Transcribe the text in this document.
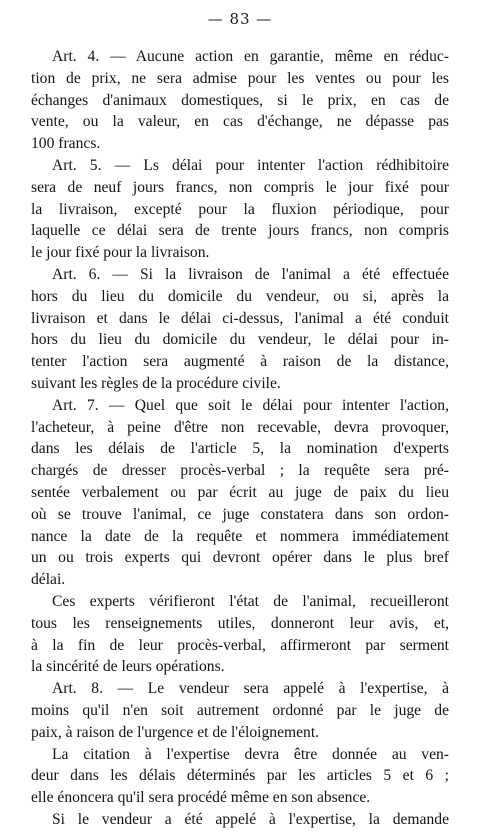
— 83 —

Art. 4. — Aucune action en garantie, même en réduc-
tion de prix, ne sera admise pour les ventes ou pour les
échanges d'animaux domestiques, si le prix, en cas de
vente, ou la valeur, en cas d'échange, ne dépasse pas
100 francs.

Art. 5. — Ls délai pour intenter l'action rédhibitoire
sera de neuf jours francs, non compris le jour fixé pour
la livraison, excepté pour la fluxion périodique, pour
laquelle ce délai sera de trente jours francs, non compris
le jour fixé pour la livraison.

Art. 6. — Si la livraison de l'animal a été effectuée
hors du lieu du domicile du vendeur, ou si, après la
livraison et dans le délai ci-dessus, l'animal a été conduit
hors du lieu du domicile du vendeur, le délai pour in-
tenter l'action sera augmenté à raison de la distance,
suivant les règles de la procédure civile.

Art. 7. — Quel que soit le délai pour intenter l'action,
l'acheteur, à peine d'être non recevable, devra provoquer,
dans les délais de l'article 5, la nomination d'experts
chargés de dresser procès-verbal ; la requête sera pré-
sentée verbalement ou par écrit au juge de paix du lieu
où se trouve l'animal, ce juge constatera dans son ordon-
nance la date de la requête et nommera immédiatement
un ou trois experts qui devront opérer dans le plus bref
délai.

Ces experts vérifieront l'état de l'animal, recueilleront
tous les renseignements utiles, donneront leur avis, et,
à la fin de leur procès-verbal, affirmeront par serment
la sincérité de leurs opérations.

Art. 8. — Le vendeur sera appelé à l'expertise, à
moins qu'il n'en soit autrement ordonné par le juge de
paix, à raison de l'urgence et de l'éloignement.

La citation à l'expertise devra être donnée au ven-
deur dans les délais déterminés par les articles 5 et 6 ;
elle énoncera qu'il sera procédé même en son absence.

Si le vendeur a été appelé à l'expertise, la demande
